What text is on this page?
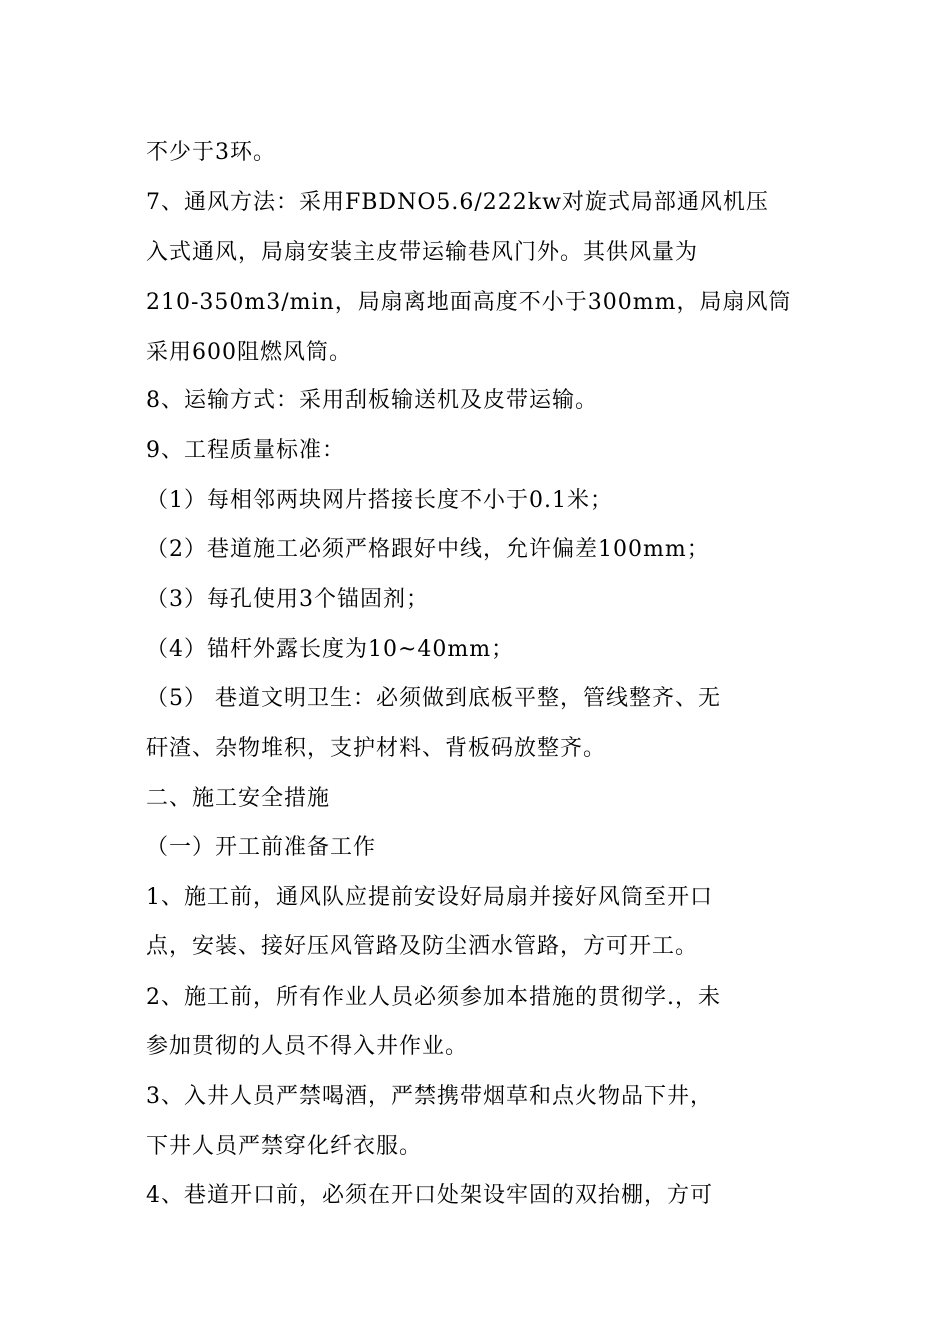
不少于3环。
7、通风方法：采用FBDNO5.6/222kw对旋式局部通风机压
入式通风，局扇安装主皮带运输巷风门外。其供风量为
210-350m3/min，局扇离地面高度不小于300mm，局扇风筒
采用600阻燃风筒。
8、运输方式：采用刮板输送机及皮带运输。
9、工程质量标准：
（1）每相邻两块网片搭接长度不小于0.1米；
（2）巷道施工必须严格跟好中线，允许偏差100mm；
（3）每孔使用3个锚固剂；
（4）锚杆外露长度为10~40mm；
（5） 巷道文明卫生：必须做到底板平整，管线整齐、无
矸渣、杂物堆积，支护材料、背板码放整齐。
二、施工安全措施
（一）开工前准备工作
1、施工前，通风队应提前安设好局扇并接好风筒至开口
点，安装、接好压风管路及防尘洒水管路，方可开工。
2、施工前，所有作业人员必须参加本措施的贯彻学.，未
参加贯彻的人员不得入井作业。
3、入井人员严禁喝酒，严禁携带烟草和点火物品下井，
下井人员严禁穿化纤衣服。
4、巷道开口前，必须在开口处架设牢固的双抬棚，方可
